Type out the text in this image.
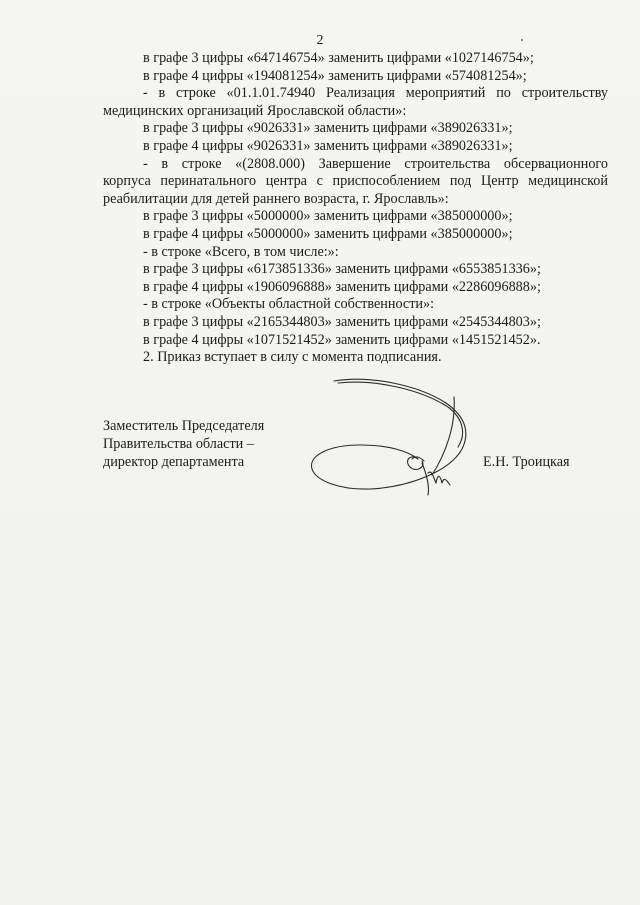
2
в графе 3 цифры «647146754» заменить цифрами «1027146754»;
в графе 4 цифры «194081254» заменить цифрами «574081254»;
- в строке «01.1.01.74940 Реализация мероприятий по строительству
медицинских организаций Ярославской области»:
в графе 3 цифры «9026331» заменить цифрами «389026331»;
в графе 4 цифры «9026331» заменить цифрами «389026331»;
- в строке «(2808.000) Завершение строительства обсервационного
корпуса перинатального центра с приспособлением под Центр медицинской
реабилитации для детей раннего возраста, г. Ярославль»:
в графе 3 цифры «5000000» заменить цифрами «385000000»;
в графе 4 цифры «5000000» заменить цифрами «385000000»;
- в строке «Всего, в том числе:»:
в графе 3 цифры «6173851336» заменить цифрами «6553851336»;
в графе 4 цифры «1906096888» заменить цифрами «2286096888»;
- в строке «Объекты областной собственности»:
в графе 3 цифры «2165344803» заменить цифрами «2545344803»;
в графе 4 цифры «1071521452» заменить цифрами «1451521452».
2. Приказ вступает в силу с момента подписания.
Заместитель Председателя
Правительства области –
директор департамента	Е.Н. Троицкая
